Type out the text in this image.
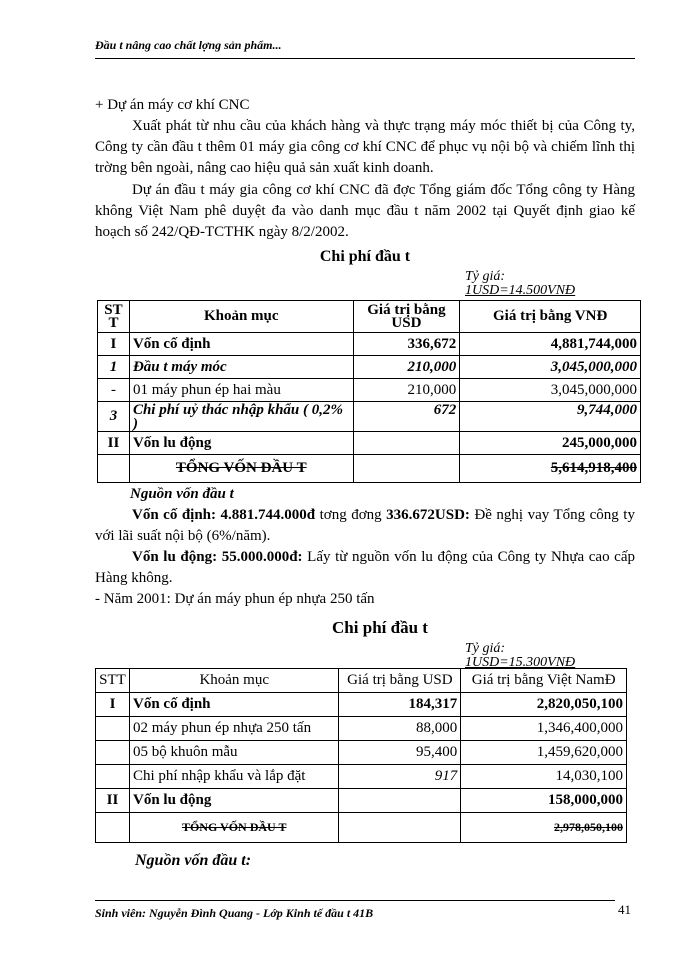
Đầu t nâng cao chất lợng sản phẩm...
+ Dự án máy cơ khí CNC
Xuất phát từ nhu cầu của khách hàng và thực trạng máy móc thiết bị của Công ty, Công ty cần đầu t thêm 01 máy gia công cơ khí CNC để phục vụ nội bộ và chiếm lĩnh thị trờng bên ngoài, nâng cao hiệu quả sản xuất kinh doanh.
Dự án đầu t máy gia công cơ khí CNC đã đợc Tổng giám đốc Tổng công ty Hàng không Việt Nam phê duyệt đa vào danh mục đầu t năm 2002 tại Quyết định giao kế hoạch số 242/QĐ-TCTHK ngày 8/2/2002.
Chi phí đầu t
Tỷ giá:
1USD=14.500VNĐ
ST T	Khoản mục	Giá trị bằng USD	Giá trị bằng VNĐ
I	Vốn cố định	336,672	4,881,744,000
1	Đầu t máy móc	210,000	3,045,000,000
-	01 máy phun ép hai màu	210,000	3,045,000,000
3	Chi phí uỷ thác nhập khẩu ( 0,2% )	672	9,744,000
II	Vốn lu động		245,000,000
	TỔNG VỐN ĐẦU T		5,614,918,400
Nguồn vốn đầu t
Vốn cố định: 4.881.744.000đ tơng đơng 336.672USD: Đề nghị vay Tổng công ty với lãi suất nội bộ (6%/năm).
Vốn lu động: 55.000.000đ: Lấy từ nguồn vốn lu động của Công ty Nhựa cao cấp Hàng không.
- Năm 2001: Dự án máy phun ép nhựa 250 tấn
Chi phí đầu t
Tỷ giá:
1USD=15.300VNĐ
STT	Khoản mục	Giá trị bằng USD	Giá trị bằng Việt NamĐ
I	Vốn cố định	184,317	2,820,050,100
	02 máy phun ép nhựa 250 tấn	88,000	1,346,400,000
	05 bộ khuôn mẫu	95,400	1,459,620,000
	Chi phí nhập khẩu và lắp đặt	917	14,030,100
II	Vốn lu động		158,000,000
	TỔNG VỐN ĐẦU T		2,978,050,100
Nguồn vốn đầu t:
Sinh viên: Nguyễn Đình Quang - Lớp Kinh tế đầu t 41B	41
